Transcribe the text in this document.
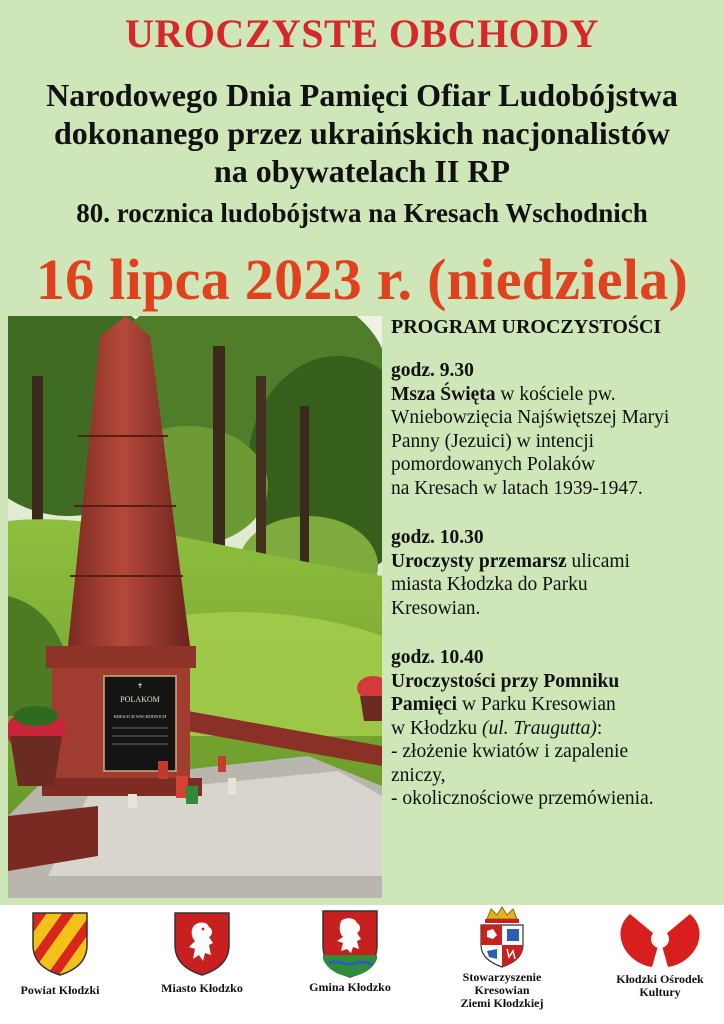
UROCZYSTE OBCHODY
Narodowego Dnia Pamięci Ofiar Ludobójstwa
dokonanego przez ukraińskich nacjonalistów
na obywatelach II RP
80. rocznica ludobójstwa na Kresach Wschodnich
16 lipca 2023 r. (niedziela)
✝
POLAKOM
KRESACH WSCHODNICH
PROGRAM UROCZYSTOŚCI
godz. 9.30
Msza Święta w kościele pw.
Wniebowzięcia Najświętszej Maryi
Panny (Jezuici) w intencji
pomordowanych Polaków
na Kresach w latach 1939-1947.
godz. 10.30
Uroczysty przemarsz ulicami
miasta Kłodzka do Parku
Kresowian.
godz. 10.40
Uroczystości przy Pomniku
Pamięci w Parku Kresowian
w Kłodzku (ul. Traugutta):
- złożenie kwiatów i zapalenie
zniczy,
- okolicznościowe przemówienia.
Powiat Kłodzki	Miasto Kłodzko	Gmina Kłodzko
Stowarzyszenie
Kresowian
Ziemi Kłodzkiej
Kłodzki Ośrodek
Kultury
